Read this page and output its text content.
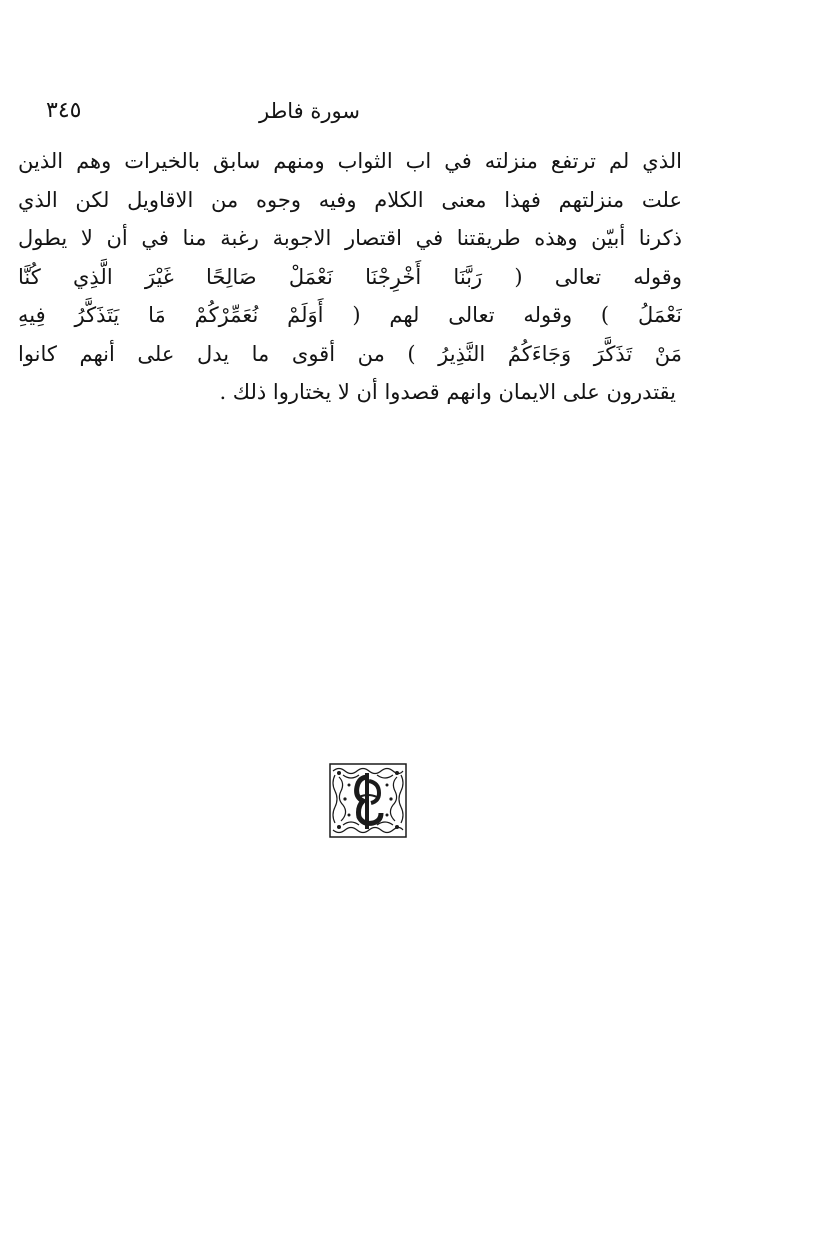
سورة فاطر
٣٤٥
الذي لم ترتفع منزلته في اب الثواب ومنهم سابق بالخيرات وهم الذين
علت منزلتهم فهذا معنى الكلام وفيه وجوه من الاقاويل لكن الذي
ذكرنا أبيّن وهذه طريقتنا في اقتصار الاجوبة رغبة منا في أن لا يطول
وقوله تعالى ( رَبَّنَا أَخْرِجْنَا نَعْمَلْ صَالِحًا غَيْرَ الَّذِي كُنَّا
نَعْمَلُ ) وقوله تعالى لهم ( أَوَلَمْ نُعَمِّرْكُمْ مَا يَتَذَكَّرُ فِيهِ
مَنْ تَذَكَّرَ وَجَاءَكُمُ النَّذِيرُ ) من أقوى ما يدل على أنهم كانوا
يقتدرون على الايمان وانهم قصدوا أن لا يختاروا ذلك .
